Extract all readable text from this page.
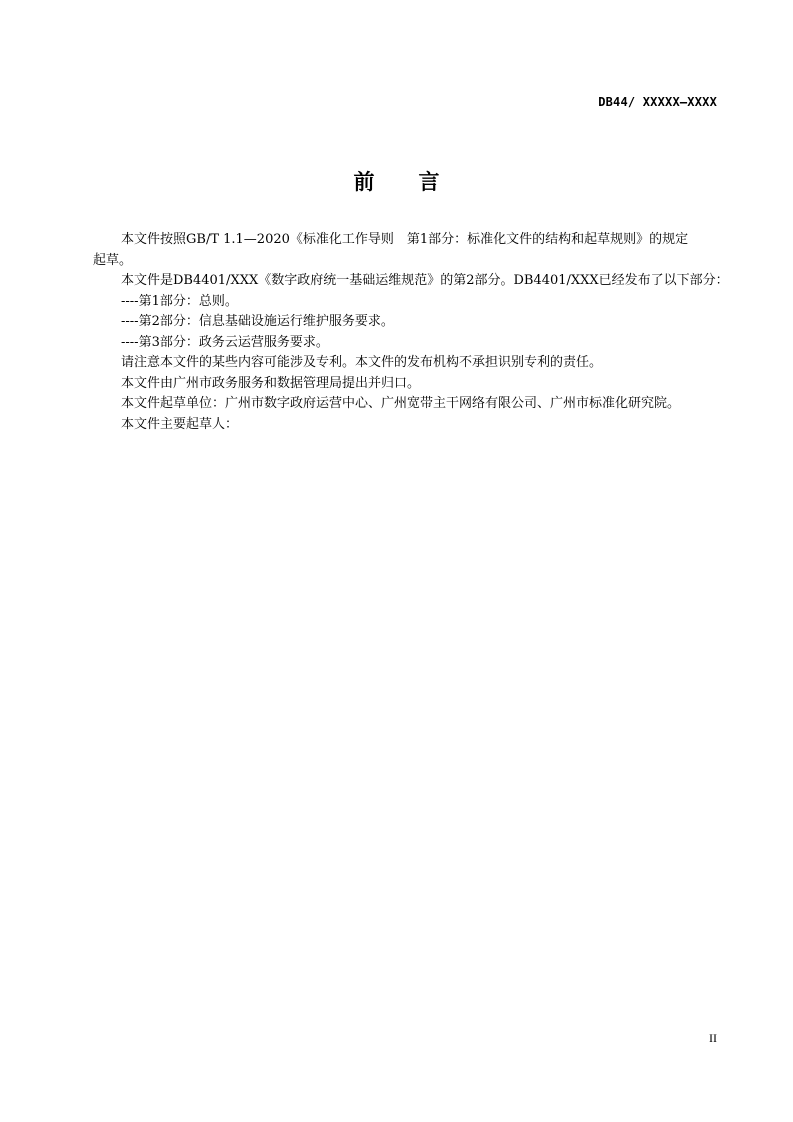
DB44/ XXXXX—XXXX
前 言

本文件按照GB/T 1.1—2020《标准化工作导则　第1部分：标准化文件的结构和起草规则》的规定

起草。

本文件是DB4401/XXX《数字政府统一基础运维规范》的第2部分。DB4401/XXX已经发布了以下部分：

----第1部分：总则。

----第2部分：信息基础设施运行维护服务要求。

----第3部分：政务云运营服务要求。

请注意本文件的某些内容可能涉及专利。本文件的发布机构不承担识别专利的责任。

本文件由广州市政务服务和数据管理局提出并归口。

本文件起草单位：广州市数字政府运营中心、广州宽带主干网络有限公司、广州市标准化研究院。

本文件主要起草人：

II
